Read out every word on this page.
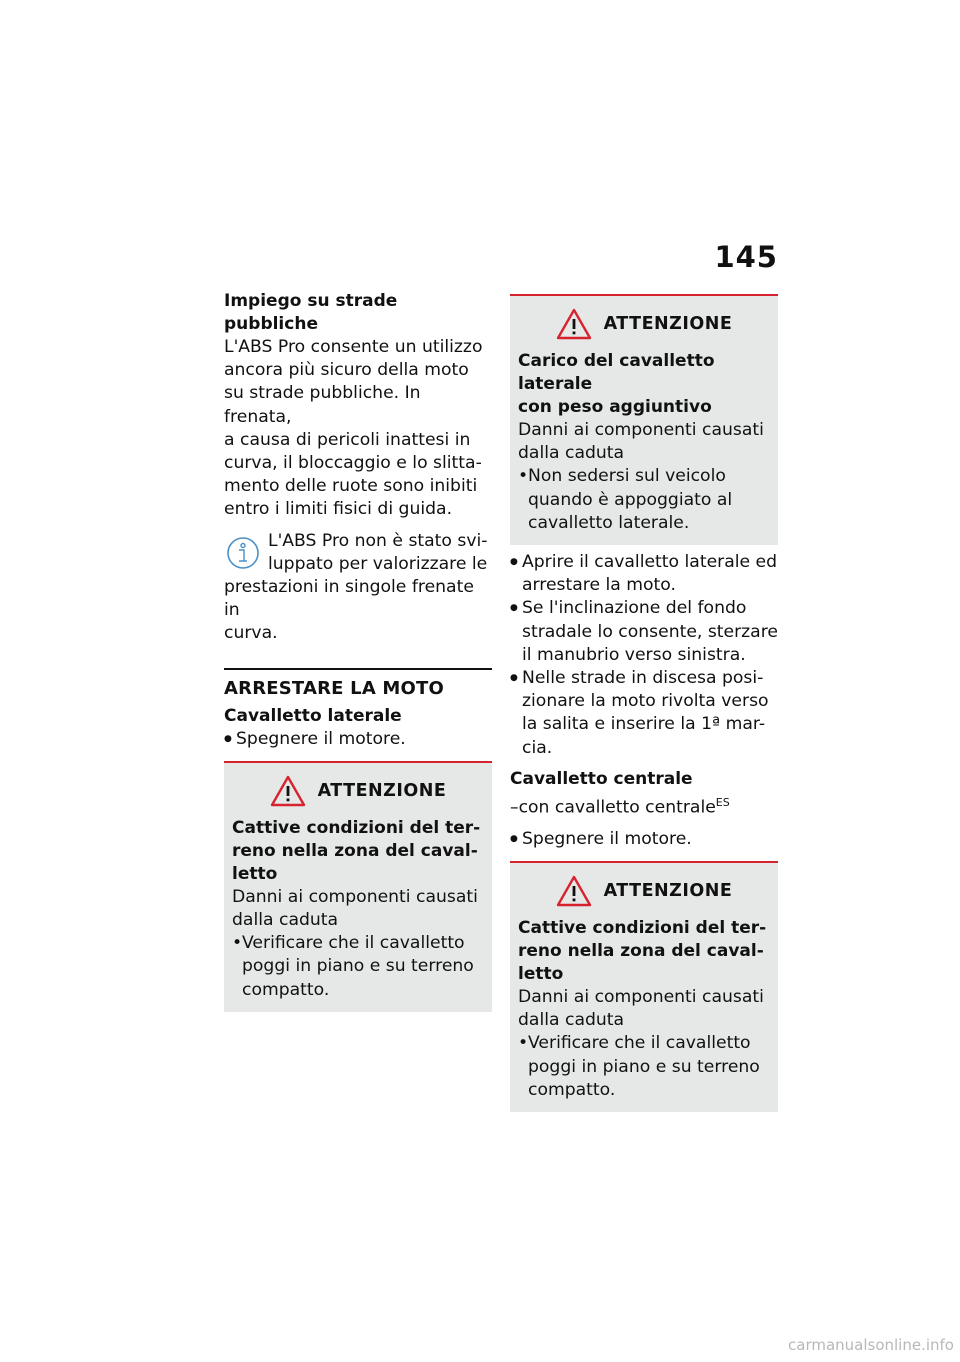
145
Impiego su strade pubbliche
L'ABS Pro consente un utilizzo
ancora più sicuro della moto
su strade pubbliche. In frenata,
a causa di pericoli inattesi in
curva, il bloccaggio e lo slitta-
mento delle ruote sono inibiti
entro i limiti fisici di guida.
L'ABS Pro non è stato svi-
luppato per valorizzare le
prestazioni in singole frenate in
curva.
ARRESTARE LA MOTO
Cavalletto laterale
● Spegnere il motore.
ATTENZIONE
Cattive condizioni del ter-
reno nella zona del caval-
letto
Danni ai componenti causati
dalla caduta
• Verificare che il cavalletto
poggi in piano e su terreno
compatto.
ATTENZIONE
Carico del cavalletto laterale
con peso aggiuntivo
Danni ai componenti causati
dalla caduta
• Non sedersi sul veicolo
quando è appoggiato al
cavalletto laterale.
● Aprire il cavalletto laterale ed
arrestare la moto.
● Se l'inclinazione del fondo
stradale lo consente, sterzare
il manubrio verso sinistra.
● Nelle strade in discesa posi-
zionare la moto rivolta verso
la salita e inserire la 1ª mar-
cia.
Cavalletto centrale
–con cavalletto centrale$^{ES}$
● Spegnere il motore.
ATTENZIONE
Cattive condizioni del ter-
reno nella zona del caval-
letto
Danni ai componenti causati
dalla caduta
• Verificare che il cavalletto
poggi in piano e su terreno
compatto.
carmanualsonline.info
